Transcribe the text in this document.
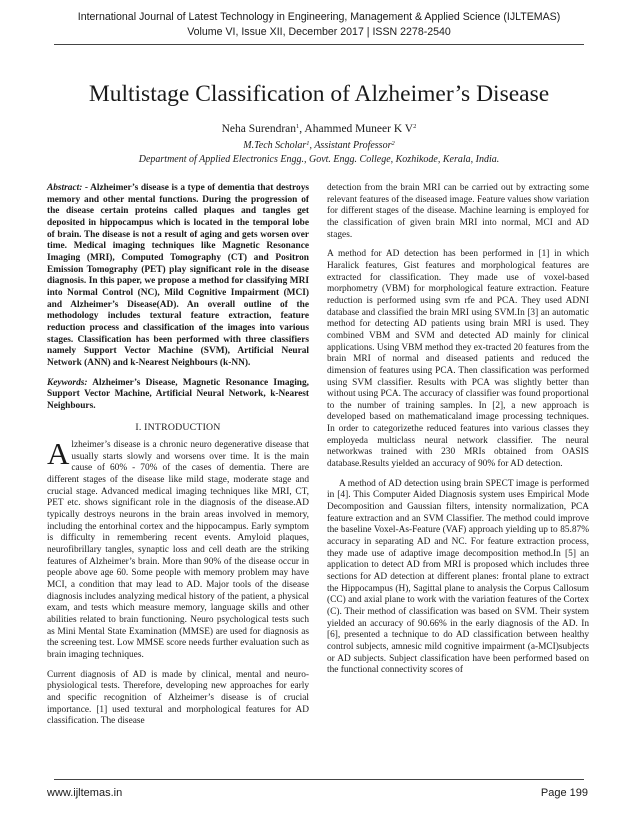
International Journal of Latest Technology in Engineering, Management & Applied Science (IJLTEMAS)
Volume VI, Issue XII, December 2017 | ISSN 2278-2540
Multistage Classification of Alzheimer’s Disease
Neha Surendran$^1$, Ahammed Muneer K $V^2$
M.Tech Scholar$^1$, Assistant Professor$^2$
Department of Applied Electronics Engg., Govt. Engg. College, Kozhikode, Kerala, India.

Abstract: - Alzheimer’s disease is a type of dementia that destroys memory and other mental functions. During the progression of the disease certain proteins called plaques and tangles get deposited in hippocampus which is located in the temporal lobe of brain. The disease is not a result of aging and gets worsen over time. Medical imaging techniques like Magnetic Resonance Imaging (MRI), Computed Tomography (CT) and Positron Emission Tomography (PET) play significant role in the disease diagnosis. In this paper, we propose a method for classifying MRI into Normal Control (NC), Mild Cognitive Impairment (MCI) and Alzheimer’s Disease(AD). An overall outline of the methodology includes textural feature extraction, feature reduction process and classification of the images into various stages. Classification has been performed with three classifiers namely Support Vector Machine (SVM), Artificial Neural Network (ANN) and k-Nearest Neighbours (k-NN).

Keywords: Alzheimer’s Disease, Magnetic Resonance Imaging, Support Vector Machine, Artificial Neural Network, k-Nearest Neighbours.

I. INTRODUCTION

Alzheimer’s disease is a chronic neuro degenerative disease that usually starts slowly and worsens over time. It is the main cause of 60% - 70% of the cases of dementia. There are different stages of the disease like mild stage, moderate stage and crucial stage. Advanced medical imaging techniques like MRI, CT, PET etc. shows significant role in the diagnosis of the disease.AD typically destroys neurons in the brain areas involved in memory, including the entorhinal cortex and the hippocampus. Early symptom is difficulty in remembering recent events. Amyloid plaques, neurofibrillary tangles, synaptic loss and cell death are the striking features of Alzheimer’s brain. More than 90% of the disease occur in people above age 60. Some people with memory problem may have MCI, a condition that may lead to AD. Major tools of the disease diagnosis includes analyzing medical history of the patient, a physical exam, and tests which measure memory, language skills and other abilities related to brain functioning. Neuro psychological tests such as Mini Mental State Examination (MMSE) are used for diagnosis as the screening test. Low MMSE score needs further evaluation such as brain imaging techniques.

Current diagnosis of AD is made by clinical, mental and neuro-physiological tests. Therefore, developing new approaches for early and specific recognition of Alzheimer’s disease is of crucial importance. [1] used textural and morphological features for AD classification. The disease

detection from the brain MRI can be carried out by extracting some relevant features of the diseased image. Feature values show variation for different stages of the disease. Machine learning is employed for the classification of given brain MRI into normal, MCI and AD stages.

A method for AD detection has been performed in [1] in which Haralick features, Gist features and morphological features are extracted for classification. They made use of voxel-based morphometry (VBM) for morphological feature extraction. Feature reduction is performed using svm rfe and PCA. They used ADNI database and classified the brain MRI using SVM.In [3] an automatic method for detecting AD patients using brain MRI is used. They combined VBM and SVM and detected AD mainly for clinical applications. Using VBM method they ex-tracted 20 features from the brain MRI of normal and diseased patients and reduced the dimension of features using PCA. Then classification was performed using SVM classifier. Results with PCA was slightly better than without using PCA. The accuracy of classifier was found proportional to the number of training samples. In [2], a new approach is developed based on mathematicaland image processing techniques. In order to categorizethe reduced features into various classes they employeda multiclass neural network classifier. The neural networkwas trained with 230 MRIs obtained from OASIS database.Results yielded an accuracy of 90% for AD detection.

A method of AD detection using brain SPECT image is performed in [4]. This Computer Aided Diagnosis system uses Empirical Mode Decomposition and Gaussian filters, intensity normalization, PCA feature extraction and an SVM Classifier. The method could improve the baseline Voxel-As-Feature (VAF) approach yielding up to 85.87% accuracy in separating AD and NC. For feature extraction process, they made use of adaptive image decomposition method.In [5] an application to detect AD from MRI is proposed which includes three sections for AD detection at different planes: frontal plane to extract the Hippocampus (H), Sagittal plane to analysis the Corpus Callosum (CC) and axial plane to work with the variation features of the Cortex (C). Their method of classification was based on SVM. Their system yielded an accuracy of 90.66% in the early diagnosis of the AD. In [6], presented a technique to do AD classification between healthy control subjects, amnesic mild cognitive impairment (a-MCI)subjects or AD subjects. Subject classification have been performed based on the functional connectivity scores of

www.ijltemas.in	Page 199
